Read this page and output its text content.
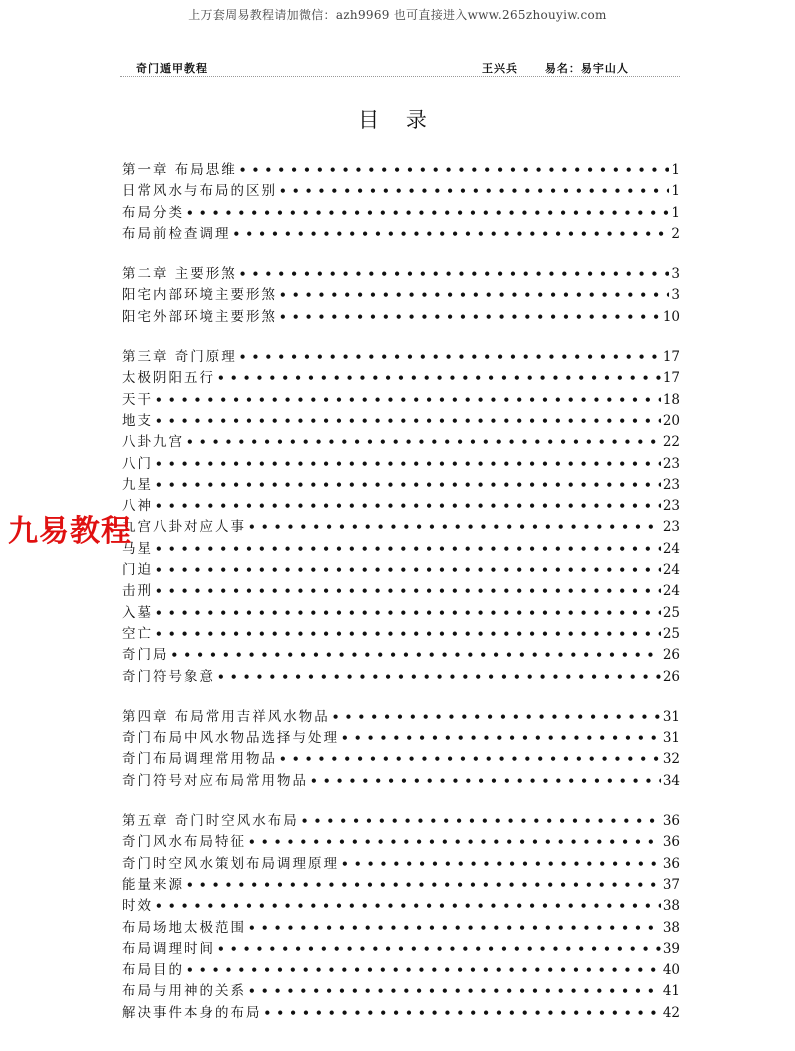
上万套周易教程请加微信：azh9969 也可直接进入www.265zhouyiw.com
奇门遁甲教程	王兴兵 易名：易宇山人
目 录
第一章 布局思维 •••••	1
日常风水与布局的区别 •••••	1
布局分类 •••••	1
布局前检查调理 •••••	2
第二章 主要形煞 •••••	3
阳宅内部环境主要形煞 •••••	3
阳宅外部环境主要形煞 •••••	10
第三章 奇门原理 •••••	17
太极阴阳五行 •••••	17
天干 •••••	18
地支 •••••	20
八卦九宫 •••••	22
八门 •••••	23
九星 •••••	23
八神 •••••	23
九宫八卦对应人事 •••••	23
马星 •••••	24
门迫 •••••	24
击刑 •••••	24
入墓 •••••	25
空亡 •••••	25
奇门局 •••••	26
奇门符号象意 •••••	26
第四章 布局常用吉祥风水物品 •••••	31
奇门布局中风水物品选择与处理 •••••	31
奇门布局调理常用物品 •••••	32
奇门符号对应布局常用物品 •••••	34
第五章 奇门时空风水布局 •••••	36
奇门风水布局特征 •••••	36
奇门时空风水策划布局调理原理 •••••	36
能量来源 •••••	37
时效 •••••	38
布局场地太极范围 •••••	38
布局调理时间 •••••	39
布局目的 •••••	40
布局与用神的关系 •••••	41
解决事件本身的布局 •••••	42
九易教程
